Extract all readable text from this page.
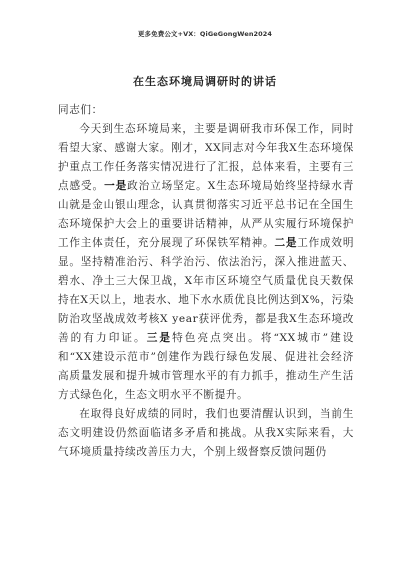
更多免费公文+VX：QiGeGongWen2024
在生态环境局调研时的讲话

同志们：

今天到生态环境局来，主要是调研我市环保工作，同时看望大家、感谢大家。刚才，XX同志对今年我X生态环境保护重点工作任务落实情况进行了汇报，总体来看，主要有三点感受。一是政治立场坚定。X生态环境局始终坚持绿水青山就是金山银山理念，认真贯彻落实习近平总书记在全国生态环境保护大会上的重要讲话精神，从严从实履行环境保护工作主体责任，充分展现了环保铁军精神。二是工作成效明显。坚持精准治污、科学治污、依法治污，深入推进蓝天、碧水、净土三大保卫战，X年市区环境空气质量优良天数保持在X天以上，地表水、地下水水质优良比例达到X%，污染防治攻坚战成效考核X year获评优秀，都是我X生态环境改善的有力印证。三是特色亮点突出。将“XX城市”建设和“XX建设示范市”创建作为践行绿色发展、促进社会经济高质量发展和提升城市管理水平的有力抓手，推动生产生活方式绿色化，生态文明水平不断提升。

在取得良好成绩的同时，我们也要清醒认识到，当前生态文明建设仍然面临诸多矛盾和挑战。从我X实际来看，大气环境质量持续改善压力大，个别上级督察反馈问题仍
